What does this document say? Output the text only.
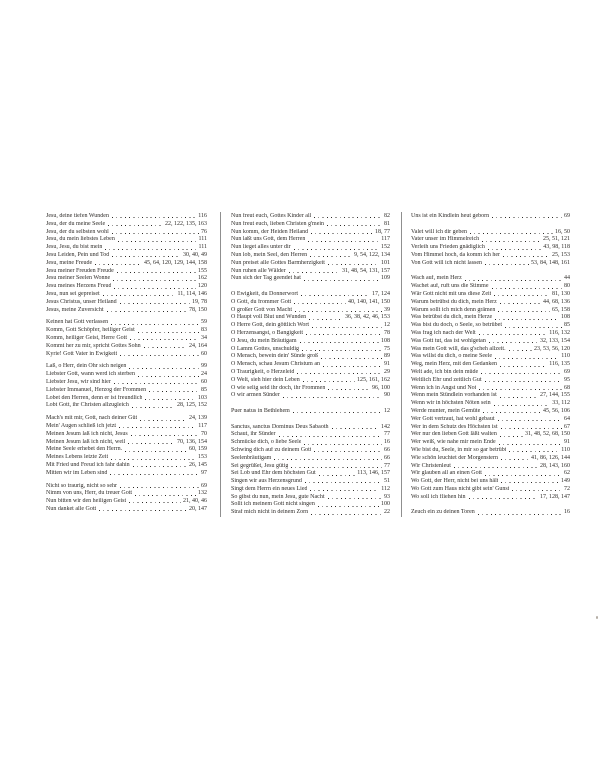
Jesu, deine tiefen Wunden	116
Jesu, der du meine Seele	22, 122, 135, 163
Jesu, der du selbsten wohl	76
Jesu, du mein liebstes Leben	111
Jesu, Jesu, du bist mein	111
Jesu Leiden, Pein und Tod	30, 40, 49
Jesu, meine Freude	45, 64, 120, 129, 144, 158
Jesu meiner Freuden Freude	155
Jesu meiner Seelen Wonne	162
Jesu meines Herzens Freud	120
Jesu, nun sei gepreiset	11, 114, 146
Jesus Christus, unser Heiland	19, 78
Jesus, meine Zuversicht	78, 150
Keinen hat Gott verlassen	59
Komm, Gott Schöpfer, heiliger Geist	83
Komm, heiliger Geist, Herre Gott	34
Kommt her zu mir, spricht Gottes Sohn	24, 164
Kyrie! Gott Vater in Ewigkeit	60
Laß, o Herr, dein Ohr sich neigen	99
Liebster Gott, wann werd ich sterben	24
Liebster Jesu, wir sind hier	60
Liebster Immanuel, Herzog der Frommen	85
Lobet den Herren, denn er ist freundlich	103
Lobt Gott, ihr Christen allzugleich	28, 125, 152
Mach's mit mir, Gott, nach deiner Güt	24, 139
Mein' Augen schließ ich jetzt	117
Meinen Jesum laß ich nicht, Jesus	70
Meinen Jesum laß ich nicht, weil	70, 136, 154
Meine Seele erhebet den Herrn.	60, 159
Meines Lebens letzte Zeit	153
Mit Fried und Freud ich fahr dahin	26, 145
Mitten wir im Leben sind	97
Nicht so traurig, nicht so sehr	69
Nimm von uns, Herr, du treuer Gott	132
Nun bitten wir den heiligen Geist	21, 40, 46
Nun danket alle Gott	20, 147
Nun freut euch, Gottes Kinder all	82
Nun freut euch, lieben Christen g'mein	81
Nun komm, der Heiden Heiland	18, 77
Nun laßt uns Gott, dem Herren	117
Nun lieget alles unter dir	152
Nun lob, mein Seel, den Herren	9, 54, 122, 134
Nun preiset alle Gottes Barmherzigkeit	101
Nun ruhen alle Wälder	31, 48, 54, 131, 157
Nun sich der Tag geendet hat	109
O Ewigkeit, du Donnerwort	17, 124
O Gott, du frommer Gott	40, 140, 141, 150
O großer Gott von Macht	39
O Haupt voll Blut und Wunden	36, 38, 42, 46, 153
O Herre Gott, dein göttlich Wort	12
O Herzensangst, o Bangigkeit	78
O Jesu, du mein Bräutigam	108
O Lamm Gottes, unschuldig	75
O Mensch, bewein dein' Sünde groß	89
O Mensch, schau Jesum Christum an	91
O Traurigkeit, o Herzeleid	29
O Welt, sieh hier dein Leben	125, 161, 162
O wie selig seid ihr doch, ihr Frommen	96, 100
O wir armen Sünder	90
Puer natus in Bethlehem	12
Sanctus, sanctus Dominus Deus Sabaoth	142
Schaut, ihr Sünder	77
Schmücke dich, o liebe Seele	16
Schwing dich auf zu deinem Gott	66
Seelenbräutigam	66
Sei gegrüßet, Jesu gütig	77
Sei Lob und Ehr dem höchsten Gut	113, 146, 157
Singen wir aus Herzensgrund	51
Singt dem Herrn ein neues Lied	112
So gibst du nun, mein Jesu, gute Nacht	93
Sollt ich meinem Gott nicht singen	100
Straf mich nicht in deinem Zorn	22
Uns ist ein Kindlein heut geborn	69
Valet will ich dir geben	16, 50
Vater unser im Himmelreich	25, 51, 121
Verleih uns Frieden gnädiglich	43, 98, 118
Vom Himmel hoch, da komm ich her	25, 153
Von Gott will ich nicht lassen	53, 84, 148, 161
Wach auf, mein Herz	44
Wachet auf, ruft uns die Stimme	80
Wär Gott nicht mit uns diese Zeit	81, 130
Warum betrübst du dich, mein Herz	44, 68, 136
Warum sollt ich mich denn grämen	65, 158
Was betrübst du dich, mein Herze	108
Was bist du doch, o Seele, so betrübet	85
Was frag ich nach der Welt	116, 132
Was Gott tut, das ist wohlgetan	32, 133, 154
Was mein Gott will, das g'scheh allzeit.	23, 53, 56, 120
Was willst du dich, o meine Seele	110
Weg, mein Herz, mit den Gedanken	116, 135
Welt ade, ich bin dein müde	69
Weltlich Ehr und zeitlich Gut	95
Wenn ich in Angst und Not	68
Wenn mein Stündlein vorhanden ist	27, 144, 155
Wenn wir in höchsten Nöten sein	33, 112
Werde munter, mein Gemüte	45, 56, 106
Wer Gott vertraut, hat wohl gebaut	64
Wer in dem Schutz des Höchsten ist	67
Wer nur den lieben Gott läßt walten	31, 48, 52, 68, 150
Wer weiß, wie nahe mir mein Ende	91
Wie bist du, Seele, in mir so gar betrübt	110
Wie schön leuchtet der Morgenstern	41, 86, 126, 144
Wir Christenleut	28, 143, 160
Wir glauben all an einen Gott	62
Wo Gott, der Herr, nicht bei uns hält	149
Wo Gott zum Haus nicht gibt sein' Gunst	72
Wo soll ich fliehen hin	17, 128, 147
Zeuch ein zu deinen Toren	16
